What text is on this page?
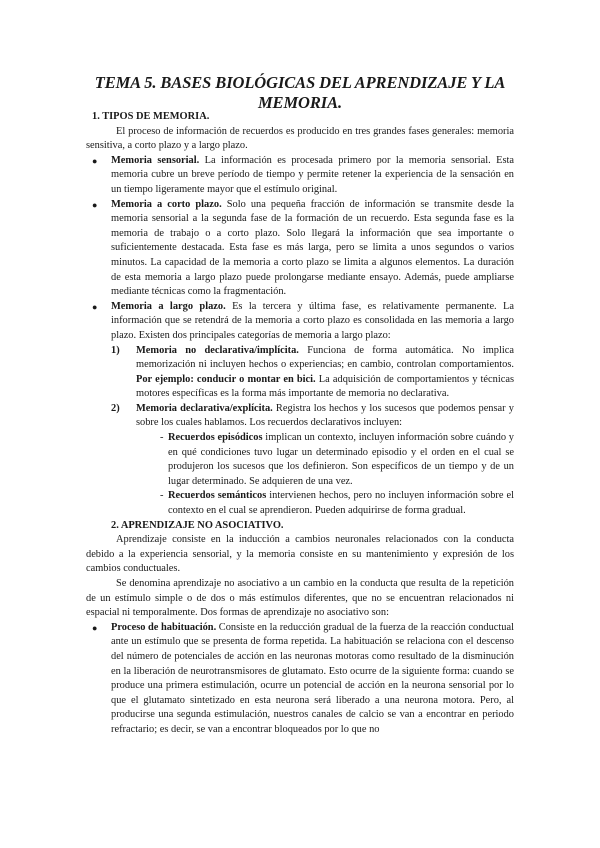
TEMA 5. BASES BIOLÓGICAS DEL APRENDIZAJE Y LA
MEMORIA.

1. TIPOS DE MEMORIA.

El proceso de información de recuerdos es producido en tres grandes fases generales: memoria sensitiva, a corto plazo y a largo plazo.

● Memoria sensorial. La información es procesada primero por la memoria sensorial. Esta memoria cubre un breve período de tiempo y permite retener la experiencia de la sensación en un tiempo ligeramente mayor que el estímulo original.

● Memoria a corto plazo. Solo una pequeña fracción de información se transmite desde la memoria sensorial a la segunda fase de la formación de un recuerdo. Esta segunda fase es la memoria de trabajo o a corto plazo. Solo llegará la información que sea importante o suficientemente destacada. Esta fase es más larga, pero se limita a unos segundos o varios minutos. La capacidad de la memoria a corto plazo se limita a algunos elementos. La duración de esta memoria a largo plazo puede prolongarse mediante ensayo. Además, puede ampliarse mediante técnicas como la fragmentación.

● Memoria a largo plazo. Es la tercera y última fase, es relativamente permanente. La información que se retendrá de la memoria a corto plazo es consolidada en las memoria a largo plazo. Existen dos principales categorías de memoria a largo plazo:

1) Memoria no declarativa/implícita. Funciona de forma automática. No implica memorización ni incluyen hechos o experiencias; en cambio, controlan comportamientos. Por ejemplo: conducir o montar en bici. La adquisición de comportamientos y técnicas motores específicas es la forma más importante de memoria no declarativa.

2) Memoria declarativa/explícita. Registra los hechos y los sucesos que podemos pensar y sobre los cuales hablamos. Los recuerdos declarativos incluyen:

- Recuerdos episódicos implican un contexto, incluyen información sobre cuándo y en qué condiciones tuvo lugar un determinado episodio y el orden en el cual se produjeron los sucesos que los definieron. Son específicos de un tiempo y de un lugar determinado. Se adquieren de una vez.

- Recuerdos semánticos intervienen hechos, pero no incluyen información sobre el contexto en el cual se aprendieron. Pueden adquirirse de forma gradual.

2. APRENDIZAJE NO ASOCIATIVO.

Aprendizaje consiste en la inducción a cambios neuronales relacionados con la conducta debido a la experiencia sensorial, y la memoria consiste en su mantenimiento y expresión de los cambios conductuales.

Se denomina aprendizaje no asociativo a un cambio en la conducta que resulta de la repetición de un estímulo simple o de dos o más estímulos diferentes, que no se encuentran relacionados ni espacial ni temporalmente. Dos formas de aprendizaje no asociativo son:

● Proceso de habituación. Consiste en la reducción gradual de la fuerza de la reacción conductual ante un estímulo que se presenta de forma repetida. La habituación se relaciona con el descenso del número de potenciales de acción en las neuronas motoras como resultado de la disminución en la liberación de neurotransmisores de glutamato. Esto ocurre de la siguiente forma: cuando se produce una primera estimulación, ocurre un potencial de acción en la neurona sensorial por lo que el glutamato sintetizado en esta neurona será liberado a una neurona motora. Pero, al producirse una segunda estimulación, nuestros canales de calcio se van a encontrar en periodo refractario; es decir, se van a encontrar bloqueados por lo que no
